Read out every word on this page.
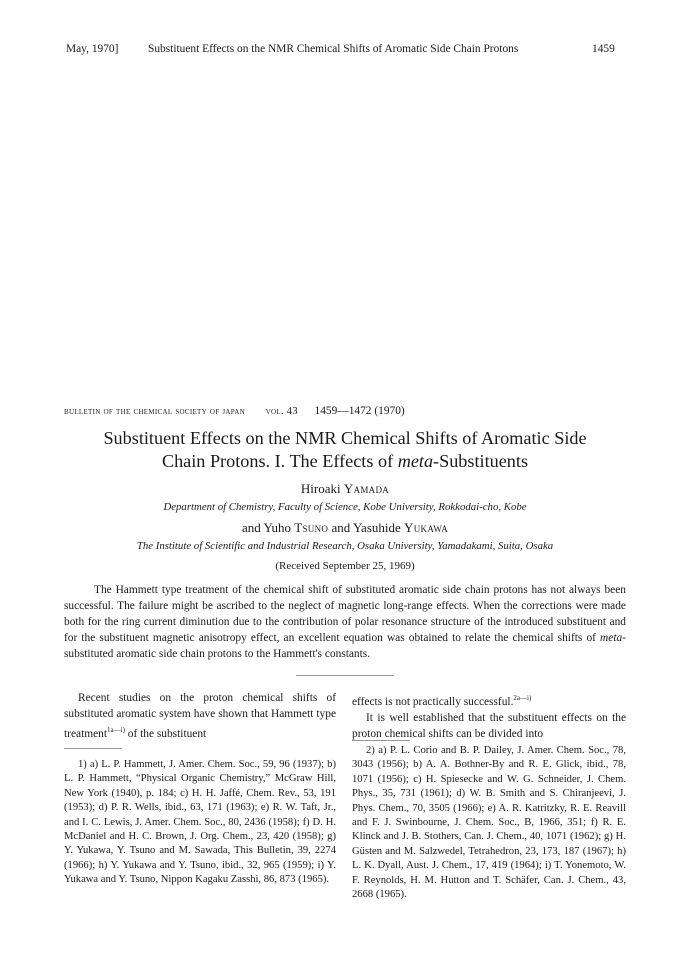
May, 1970]	Substituent Effects on the NMR Chemical Shifts of Aromatic Side Chain Protons	1459
bulletin of the chemical society of japan vol. 43 1459—1472 (1970)
Substituent Effects on the NMR Chemical Shifts of Aromatic Side
Chain Protons. I. The Effects of meta-Substituents
Hiroaki Yamada
Department of Chemistry, Faculty of Science, Kobe University, Rokkodai-cho, Kobe
and Yuho Tsuno and Yasuhide Yukawa
The Institute of Scientific and Industrial Research, Osaka University, Yamadakami, Suita, Osaka
(Received September 25, 1969)
The Hammett type treatment of the chemical shift of substituted aromatic side chain protons has not always been successful. The failure might be ascribed to the neglect of magnetic long-range effects. When the corrections were made both for the ring current diminution due to the contribution of polar resonance structure of the introduced substituent and for the substituent magnetic anisotropy effect, an excellent equation was obtained to relate the chemical shifts of meta-substituted aromatic side chain protons to the Hammett's constants.
Recent studies on the proton chemical shifts of substituted aromatic system have shown that Hammett type treatment$^{1a—i)}$ of the substituent
1) a) L. P. Hammett, J. Amer. Chem. Soc., 59, 96 (1937); b) L. P. Hammett, “Physical Organic Chemistry,” McGraw Hill, New York (1940), p. 184; c) H. H. Jaffé, Chem. Rev., 53, 191 (1953); d) P. R. Wells, ibid., 63, 171 (1963); e) R. W. Taft, Jr., and I. C. Lewis, J. Amer. Chem. Soc., 80, 2436 (1958); f) D. H. McDaniel and H. C. Brown, J. Org. Chem., 23, 420 (1958); g) Y. Yukawa, Y. Tsuno and M. Sawada, This Bulletin, 39, 2274 (1966); h) Y. Yukawa and Y. Tsuno, ibid., 32, 965 (1959); i) Y. Yukawa and Y. Tsuno, Nippon Kagaku Zasshi, 86, 873 (1965).
effects is not practically successful.$^{2a—i)}$
It is well established that the substituent effects on the proton chemical shifts can be divided into
2) a) P. L. Corio and B. P. Dailey, J. Amer. Chem. Soc., 78, 3043 (1956); b) A. A. Bothner-By and R. E. Glick, ibid., 78, 1071 (1956); c) H. Spiesecke and W. G. Schneider, J. Chem. Phys., 35, 731 (1961); d) W. B. Smith and S. Chiranjeevi, J. Phys. Chem., 70, 3505 (1966); e) A. R. Katritzky, R. E. Reavill and F. J. Swinbourne, J. Chem. Soc., B, 1966, 351; f) R. E. Klinck and J. B. Stothers, Can. J. Chem., 40, 1071 (1962); g) H. Güsten and M. Salzwedel, Tetrahedron, 23, 173, 187 (1967); h) L. K. Dyall, Aust. J. Chem., 17, 419 (1964); i) T. Yonemoto, W. F. Reynolds, H. M. Hutton and T. Schäfer, Can. J. Chem., 43, 2668 (1965).
